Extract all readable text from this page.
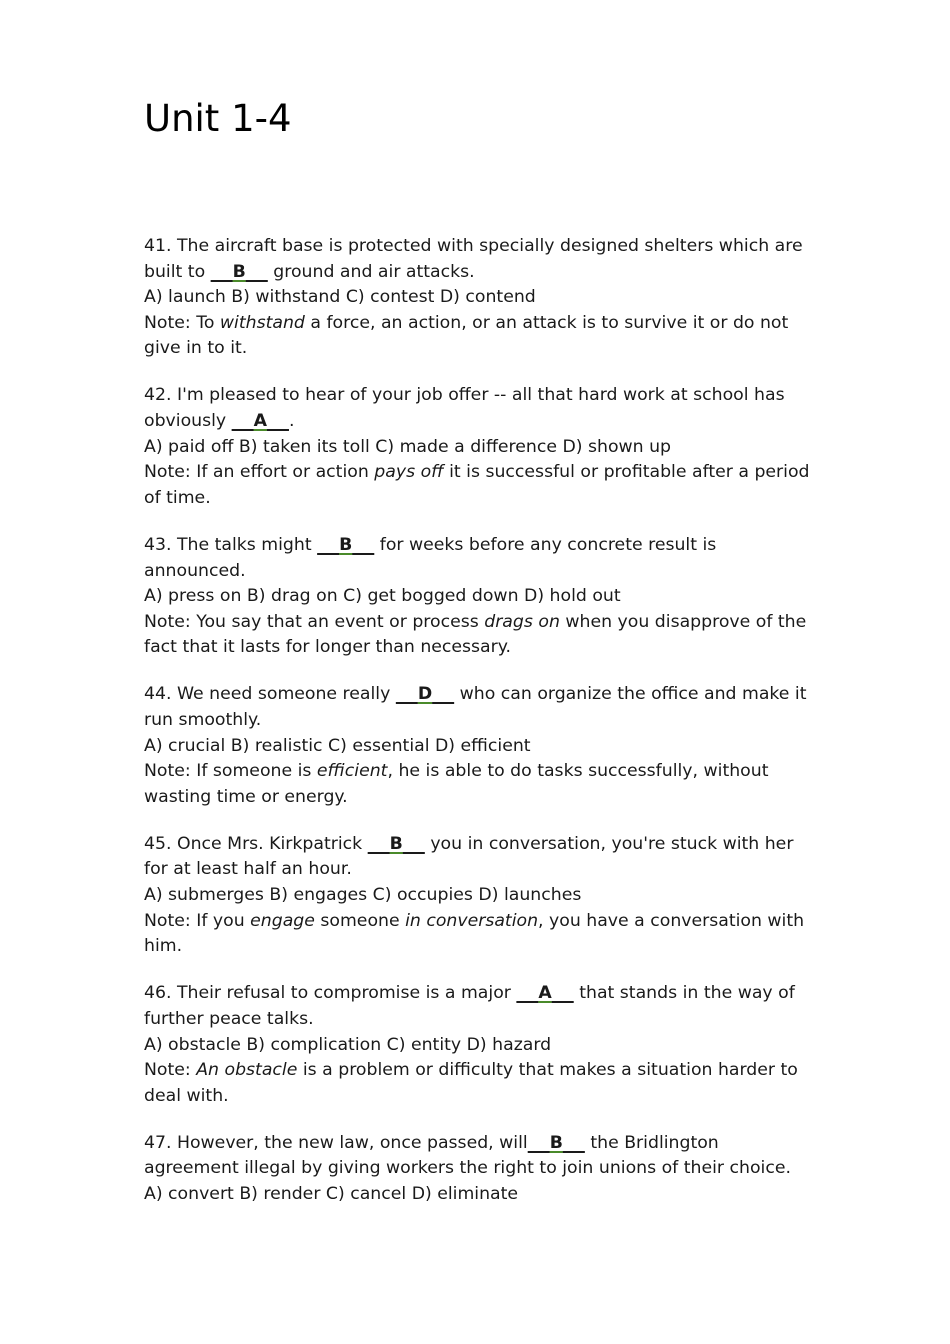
Unit 1-4

41. The aircraft base is protected with specially designed shelters which are built to     B     ground and air attacks.

A) launch B) withstand C) contest D) contend

Note: To withstand a force, an action, or an attack is to survive it or do not give in to it.

42. I'm pleased to hear of your job offer -- all that hard work at school has obviously     A .

A) paid off B) taken its toll C) made a difference D) shown up

Note: If an effort or action pays off it is successful or profitable after a period of time.

43. The talks might     B     for weeks before any concrete result is announced.

A) press on B) drag on C) get bogged down D) hold out

Note: You say that an event or process drags on when you disapprove of the fact that it lasts for longer than necessary.

44. We need someone really     D     who can organize the office and make it run smoothly.

A) crucial B) realistic C) essential D) efficient

Note: If someone is efficient, he is able to do tasks successfully, without wasting time or energy.

45. Once Mrs. Kirkpatrick     B     you in conversation, you're stuck with her for at least half an hour.

A) submerges B) engages C) occupies D) launches

Note: If you engage someone in conversation, you have a conversation with him.

46. Their refusal to compromise is a major     A     that stands in the way of further peace talks.

A) obstacle B) complication C) entity D) hazard

Note: An obstacle is a problem or difficulty that makes a situation harder to deal with.

47. However, the new law, once passed, will B     the Bridlington agreement illegal by giving workers the right to join unions of their choice.

A) convert B) render C) cancel D) eliminate
